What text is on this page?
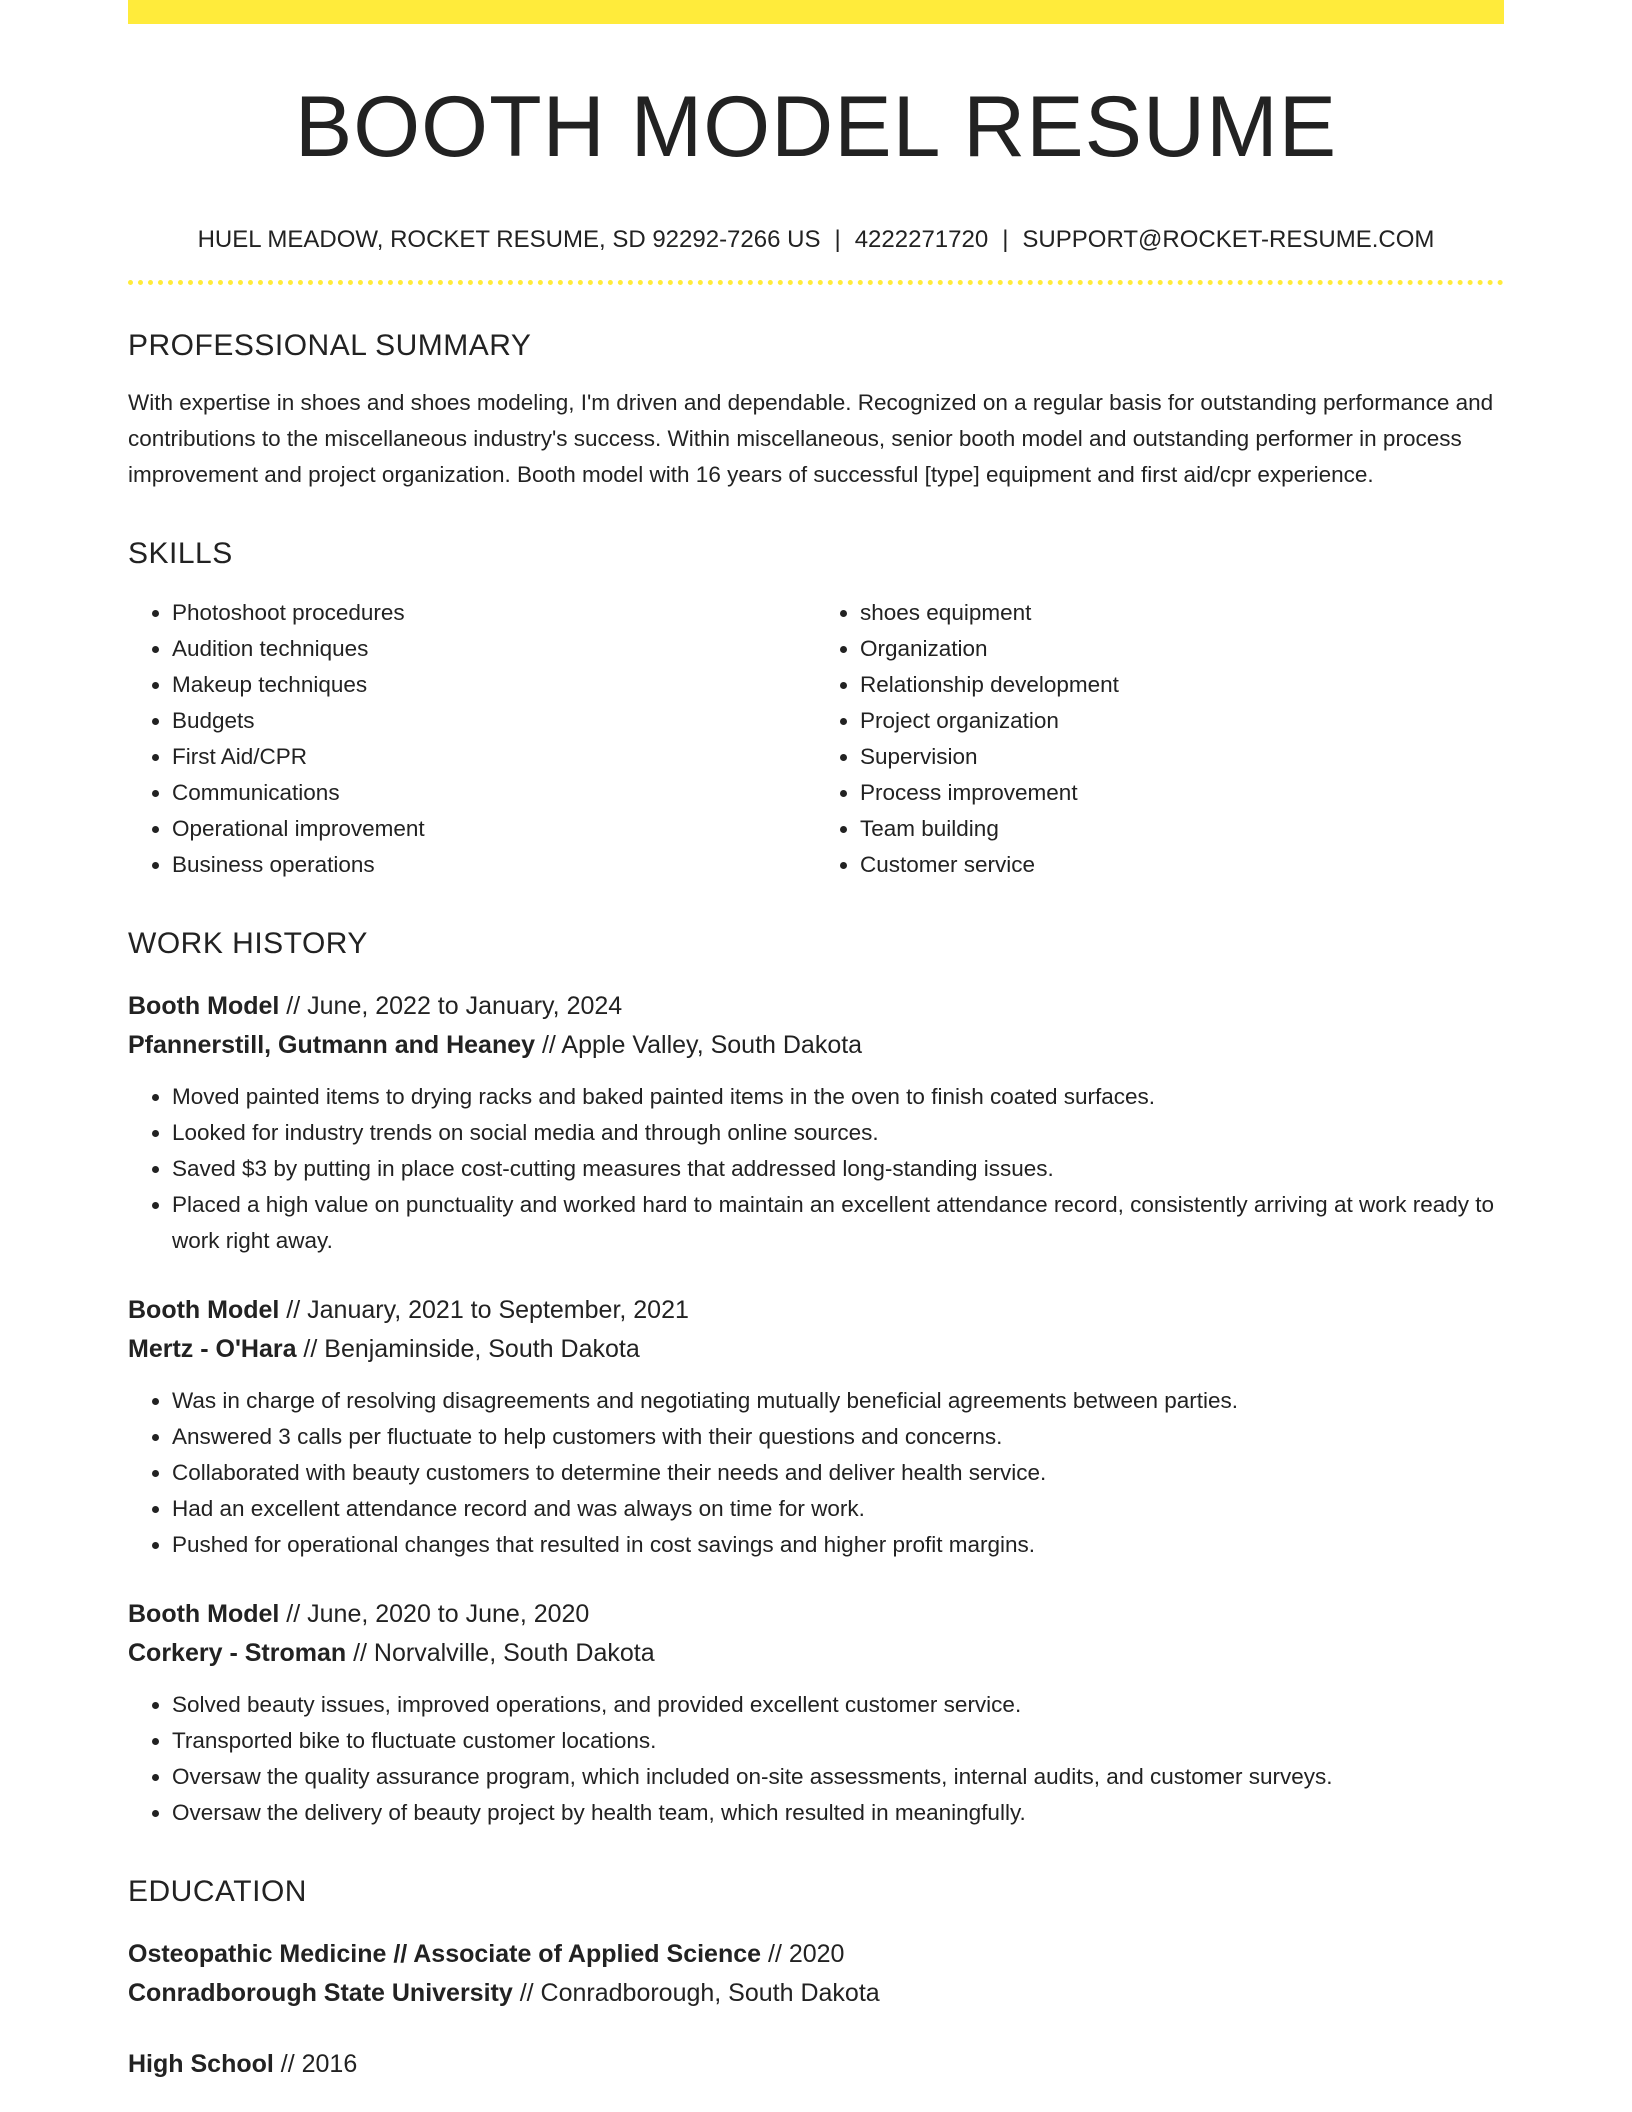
BOOTH MODEL RESUME
HUEL MEADOW, ROCKET RESUME, SD 92292-7266 US | 4222271720 | SUPPORT@ROCKET-RESUME.COM
PROFESSIONAL SUMMARY
With expertise in shoes and shoes modeling, I'm driven and dependable. Recognized on a regular basis for outstanding performance and contributions to the miscellaneous industry's success. Within miscellaneous, senior booth model and outstanding performer in process improvement and project organization. Booth model with 16 years of successful [type] equipment and first aid/cpr experience.
SKILLS
• Photoshoot procedures
• Audition techniques
• Makeup techniques
• Budgets
• First Aid/CPR
• Communications
• Operational improvement
• Business operations
• shoes equipment
• Organization
• Relationship development
• Project organization
• Supervision
• Process improvement
• Team building
• Customer service
WORK HISTORY
Booth Model // June, 2022 to January, 2024
Pfannerstill, Gutmann and Heaney // Apple Valley, South Dakota
• Moved painted items to drying racks and baked painted items in the oven to finish coated surfaces.
• Looked for industry trends on social media and through online sources.
• Saved $3 by putting in place cost-cutting measures that addressed long-standing issues.
• Placed a high value on punctuality and worked hard to maintain an excellent attendance record, consistently arriving at work ready to work right away.
Booth Model // January, 2021 to September, 2021
Mertz - O'Hara // Benjaminside, South Dakota
• Was in charge of resolving disagreements and negotiating mutually beneficial agreements between parties.
• Answered 3 calls per fluctuate to help customers with their questions and concerns.
• Collaborated with beauty customers to determine their needs and deliver health service.
• Had an excellent attendance record and was always on time for work.
• Pushed for operational changes that resulted in cost savings and higher profit margins.
Booth Model // June, 2020 to June, 2020
Corkery - Stroman // Norvalville, South Dakota
• Solved beauty issues, improved operations, and provided excellent customer service.
• Transported bike to fluctuate customer locations.
• Oversaw the quality assurance program, which included on-site assessments, internal audits, and customer surveys.
• Oversaw the delivery of beauty project by health team, which resulted in meaningfully.
EDUCATION
Osteopathic Medicine // Associate of Applied Science // 2020
Conradborough State University // Conradborough, South Dakota
High School // 2016
